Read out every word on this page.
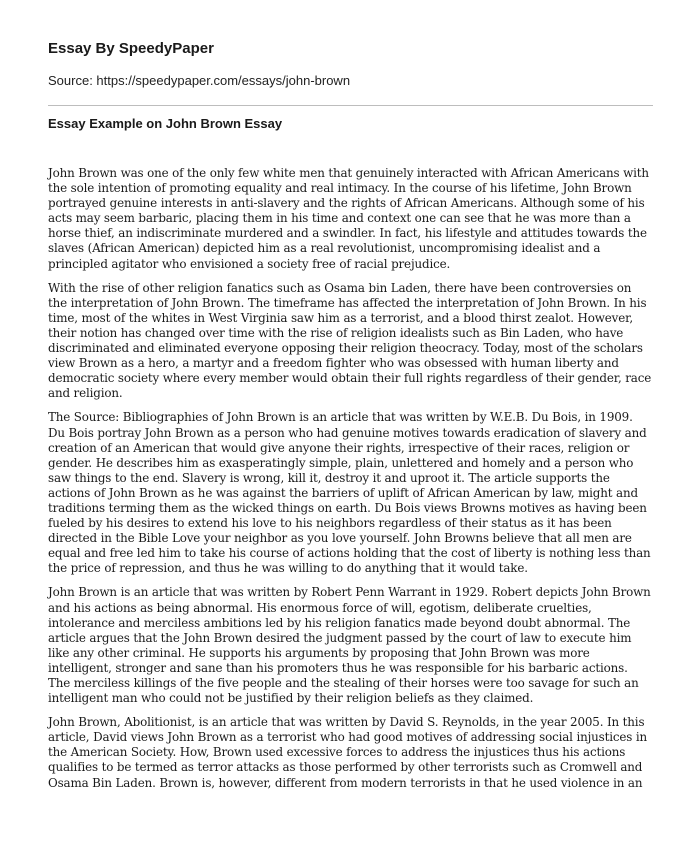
Essay By SpeedyPaper

Source: https://speedypaper.com/essays/john-brown

Essay Example on John Brown Essay

John Brown was one of the only few white men that genuinely interacted with African Americans with the sole intention of promoting equality and real intimacy. In the course of his lifetime, John Brown portrayed genuine interests in anti-slavery and the rights of African Americans. Although some of his acts may seem barbaric, placing them in his time and context one can see that he was more than a horse thief, an indiscriminate murdered and a swindler. In fact, his lifestyle and attitudes towards the slaves (African American) depicted him as a real revolutionist, uncompromising idealist and a principled agitator who envisioned a society free of racial prejudice.

With the rise of other religion fanatics such as Osama bin Laden, there have been controversies on the interpretation of John Brown. The timeframe has affected the interpretation of John Brown. In his time, most of the whites in West Virginia saw him as a terrorist, and a blood thirst zealot. However, their notion has changed over time with the rise of religion idealists such as Bin Laden, who have discriminated and eliminated everyone opposing their religion theocracy. Today, most of the scholars view Brown as a hero, a martyr and a freedom fighter who was obsessed with human liberty and democratic society where every member would obtain their full rights regardless of their gender, race and religion.

The Source: Bibliographies of John Brown is an article that was written by W.E.B. Du Bois, in 1909. Du Bois portray John Brown as a person who had genuine motives towards eradication of slavery and creation of an American that would give anyone their rights, irrespective of their races, religion or gender. He describes him as exasperatingly simple, plain, unlettered and homely and a person who saw things to the end. Slavery is wrong, kill it, destroy it and uproot it. The article supports the actions of John Brown as he was against the barriers of uplift of African American by law, might and traditions terming them as the wicked things on earth. Du Bois views Browns motives as having been fueled by his desires to extend his love to his neighbors regardless of their status as it has been directed in the Bible Love your neighbor as you love yourself. John Browns believe that all men are equal and free led him to take his course of actions holding that the cost of liberty is nothing less than the price of repression, and thus he was willing to do anything that it would take.

John Brown is an article that was written by Robert Penn Warrant in 1929. Robert depicts John Brown and his actions as being abnormal. His enormous force of will, egotism, deliberate cruelties, intolerance and merciless ambitions led by his religion fanatics made beyond doubt abnormal. The article argues that the John Brown desired the judgment passed by the court of law to execute him like any other criminal. He supports his arguments by proposing that John Brown was more intelligent, stronger and sane than his promoters thus he was responsible for his barbaric actions. The merciless killings of the five people and the stealing of their horses were too savage for such an intelligent man who could not be justified by their religion beliefs as they claimed.

John Brown, Abolitionist, is an article that was written by David S. Reynolds, in the year 2005. In this article, David views John Brown as a terrorist who had good motives of addressing social injustices in the American Society. How, Brown used excessive forces to address the injustices thus his actions qualifies to be termed as terror attacks as those performed by other terrorists such as Cromwell and Osama Bin Laden. Brown is, however, different from modern terrorists in that he used violence in an
